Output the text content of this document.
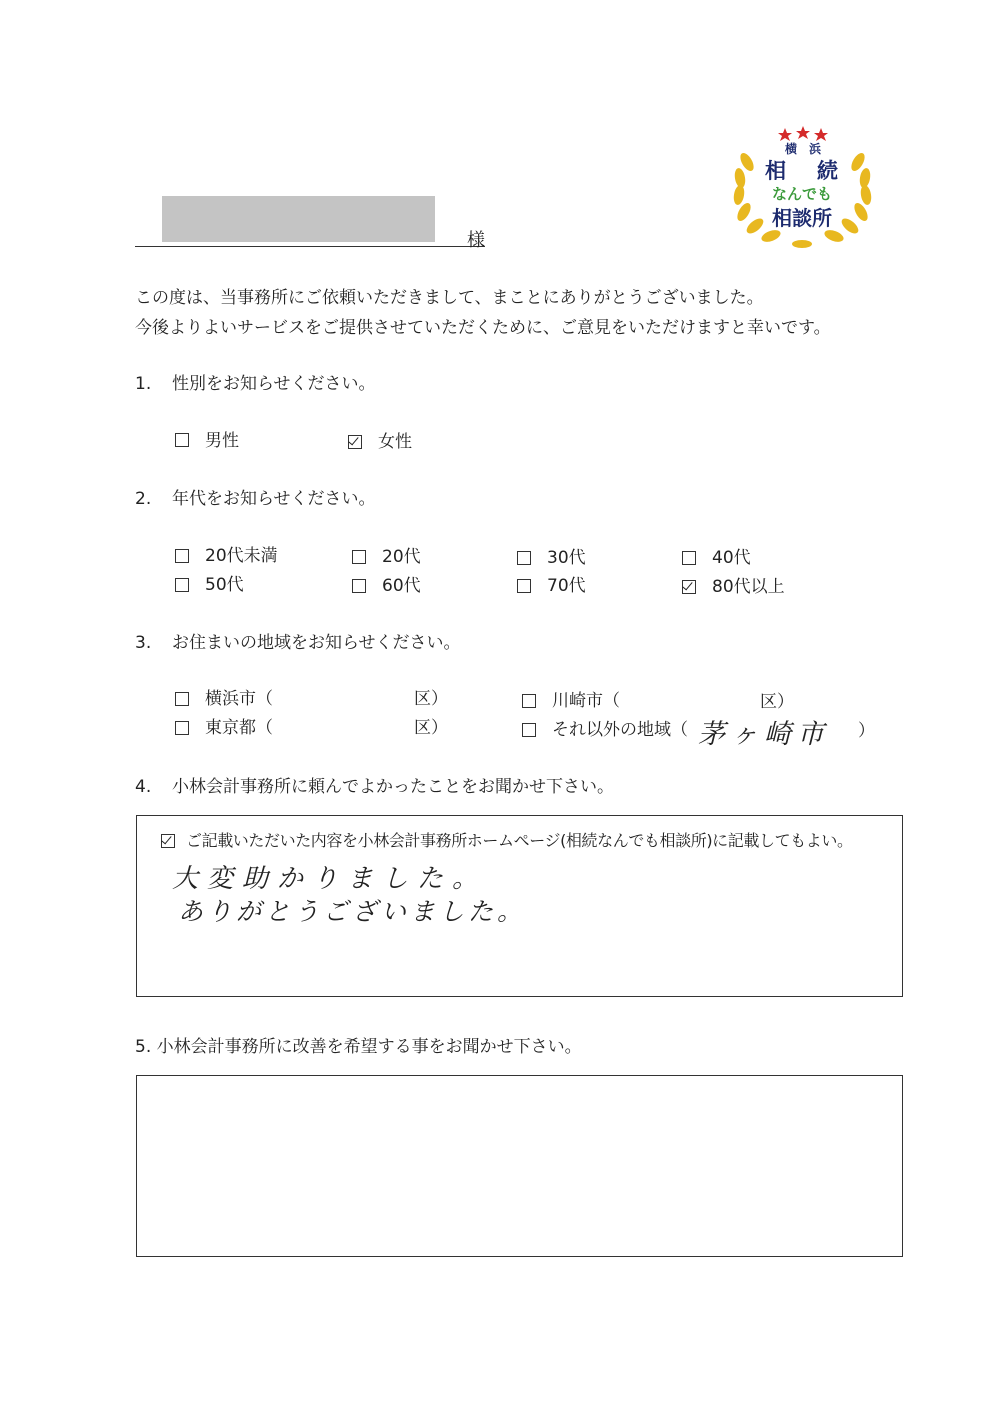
様
横　浜
相 続
なんでも
相談所
この度は、当事務所にご依頼いただきまして、まことにありがとうございました。
今後よりよいサービスをご提供させていただくために、ご意見をいただけますと幸いです。
1. 性別をお知らせください。
男性	女性
2. 年代をお知らせください。
20代未満	20代	30代	40代
50代	60代	70代	80代以上
3. お住まいの地域をお知らせください。
横浜市（	区）	川崎市（	区）
東京都（	区）	それ以外の地域（ 茅ヶ崎市 ）
4. 小林会計事務所に頼んでよかったことをお聞かせ下さい。
ご記載いただいた内容を小林会計事務所ホームページ(相続なんでも相談所)に記載してもよい。
大変助かりました。
ありがとうございました。
5. 小林会計事務所に改善を希望する事をお聞かせ下さい。
